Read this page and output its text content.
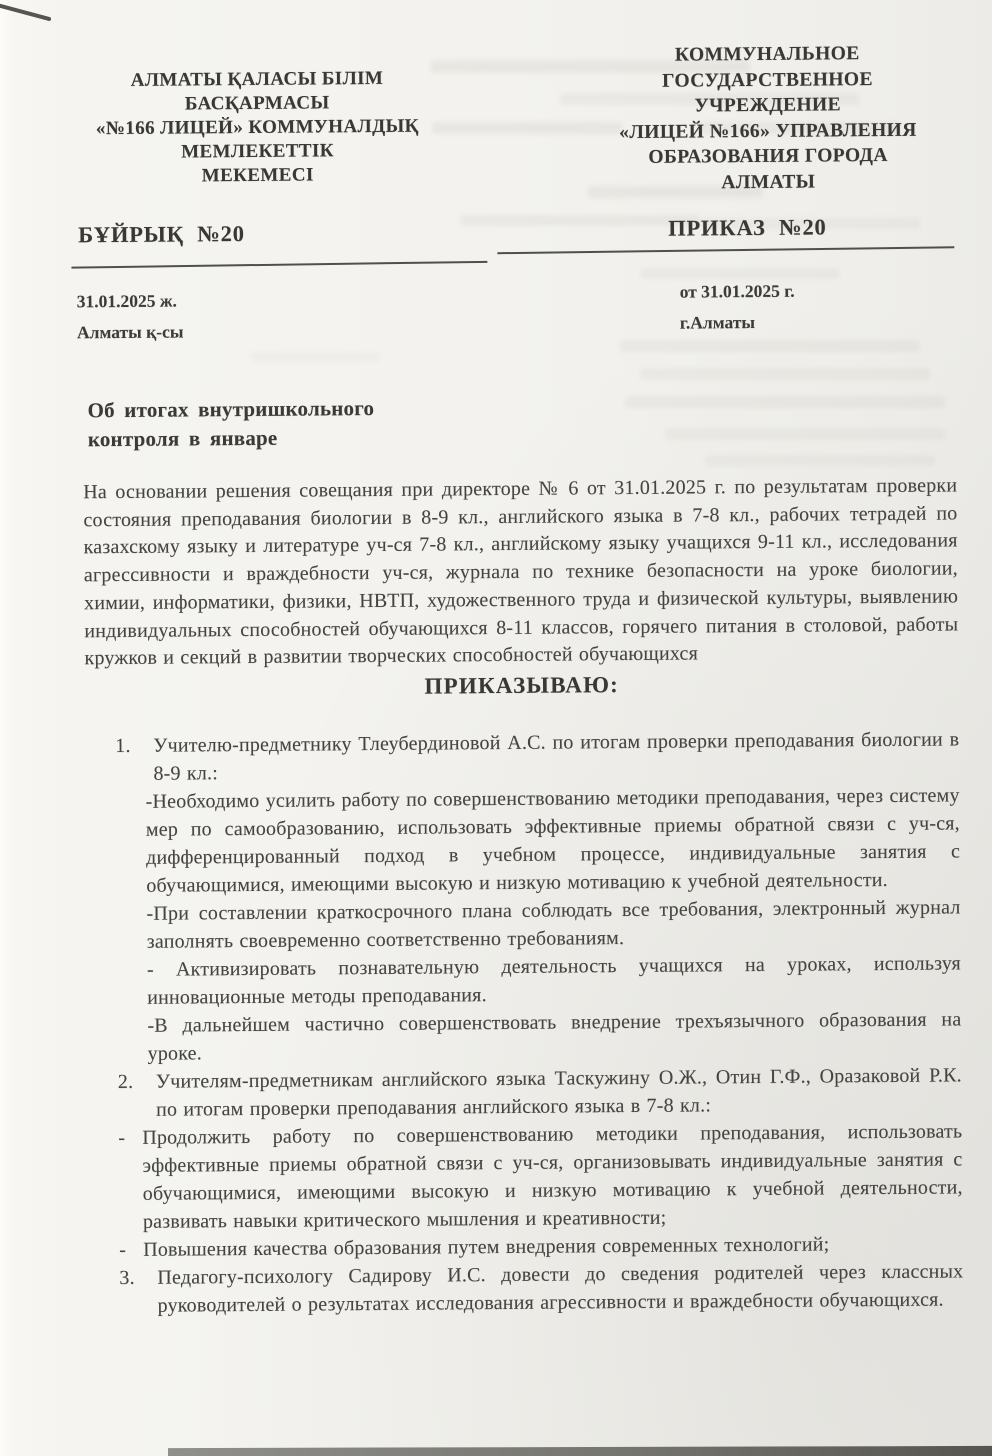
АЛМАТЫ ҚАЛАСЫ БІЛІМ
БАСҚАРМАСЫ
«№166 ЛИЦЕЙ» КОММУНАЛДЫҚ
МЕМЛЕКЕТТІК
МЕКЕМЕСІ
КОММУНАЛЬНОЕ
ГОСУДАРСТВЕННОЕ
УЧРЕЖДЕНИЕ
«ЛИЦЕЙ №166» УПРАВЛЕНИЯ
ОБРАЗОВАНИЯ ГОРОДА
АЛМАТЫ
БҰЙРЫҚ №20	ПРИКАЗ №20
31.01.2025 ж.
Алматы қ-сы
от 31.01.2025 г.
г.Алматы
Об итогах внутришкольного
контроля в январе

На основании решения совещания при директоре № 6 от 31.01.2025 г. по результатам проверки состояния преподавания биологии в 8-9 кл., английского языка в 7-8 кл., рабочих тетрадей по казахскому языку и литературе уч-ся 7-8 кл., английскому языку учащихся 9-11 кл., исследования агрессивности и враждебности уч-ся, журнала по технике безопасности на уроке биологии, химии, информатики, физики, НВТП, художественного труда и физической культуры, выявлению индивидуальных способностей обучающихся 8-11 классов, горячего питания в столовой, работы кружков и секций в развитии творческих способностей обучающихся

ПРИКАЗЫВАЮ:
1. Учителю-предметнику Тлеубердиновой А.С. по итогам проверки преподавания биологии в 8-9 кл.:

-Необходимо усилить работу по совершенствованию методики преподавания, через систему мер по самообразованию, использовать эффективные приемы обратной связи с уч-ся, дифференцированный подход в учебном процессе, индивидуальные занятия с обучающимися, имеющими высокую и низкую мотивацию к учебной деятельности.

-При составлении краткосрочного плана соблюдать все требования, электронный журнал заполнять своевременно соответственно требованиям.

- Активизировать познавательную деятельность учащихся на уроках, используя инновационные методы преподавания.

-В дальнейшем частично совершенствовать внедрение трехъязычного образования на уроке.

2. Учителям-предметникам английского языка Таскужину О.Ж., Отин Г.Ф., Оразаковой Р.К. по итогам проверки преподавания английского языка в 7-8 кл.:

- Продолжить работу по совершенствованию методики преподавания, использовать эффективные приемы обратной связи с уч-ся, организовывать индивидуальные занятия с обучающимися, имеющими высокую и низкую мотивацию к учебной деятельности, развивать навыки критического мышления и креативности;

- Повышения качества образования путем внедрения современных технологий;

3. Педагогу-психологу Садирову И.С. довести до сведения родителей через классных руководителей о результатах исследования агрессивности и враждебности обучающихся.
